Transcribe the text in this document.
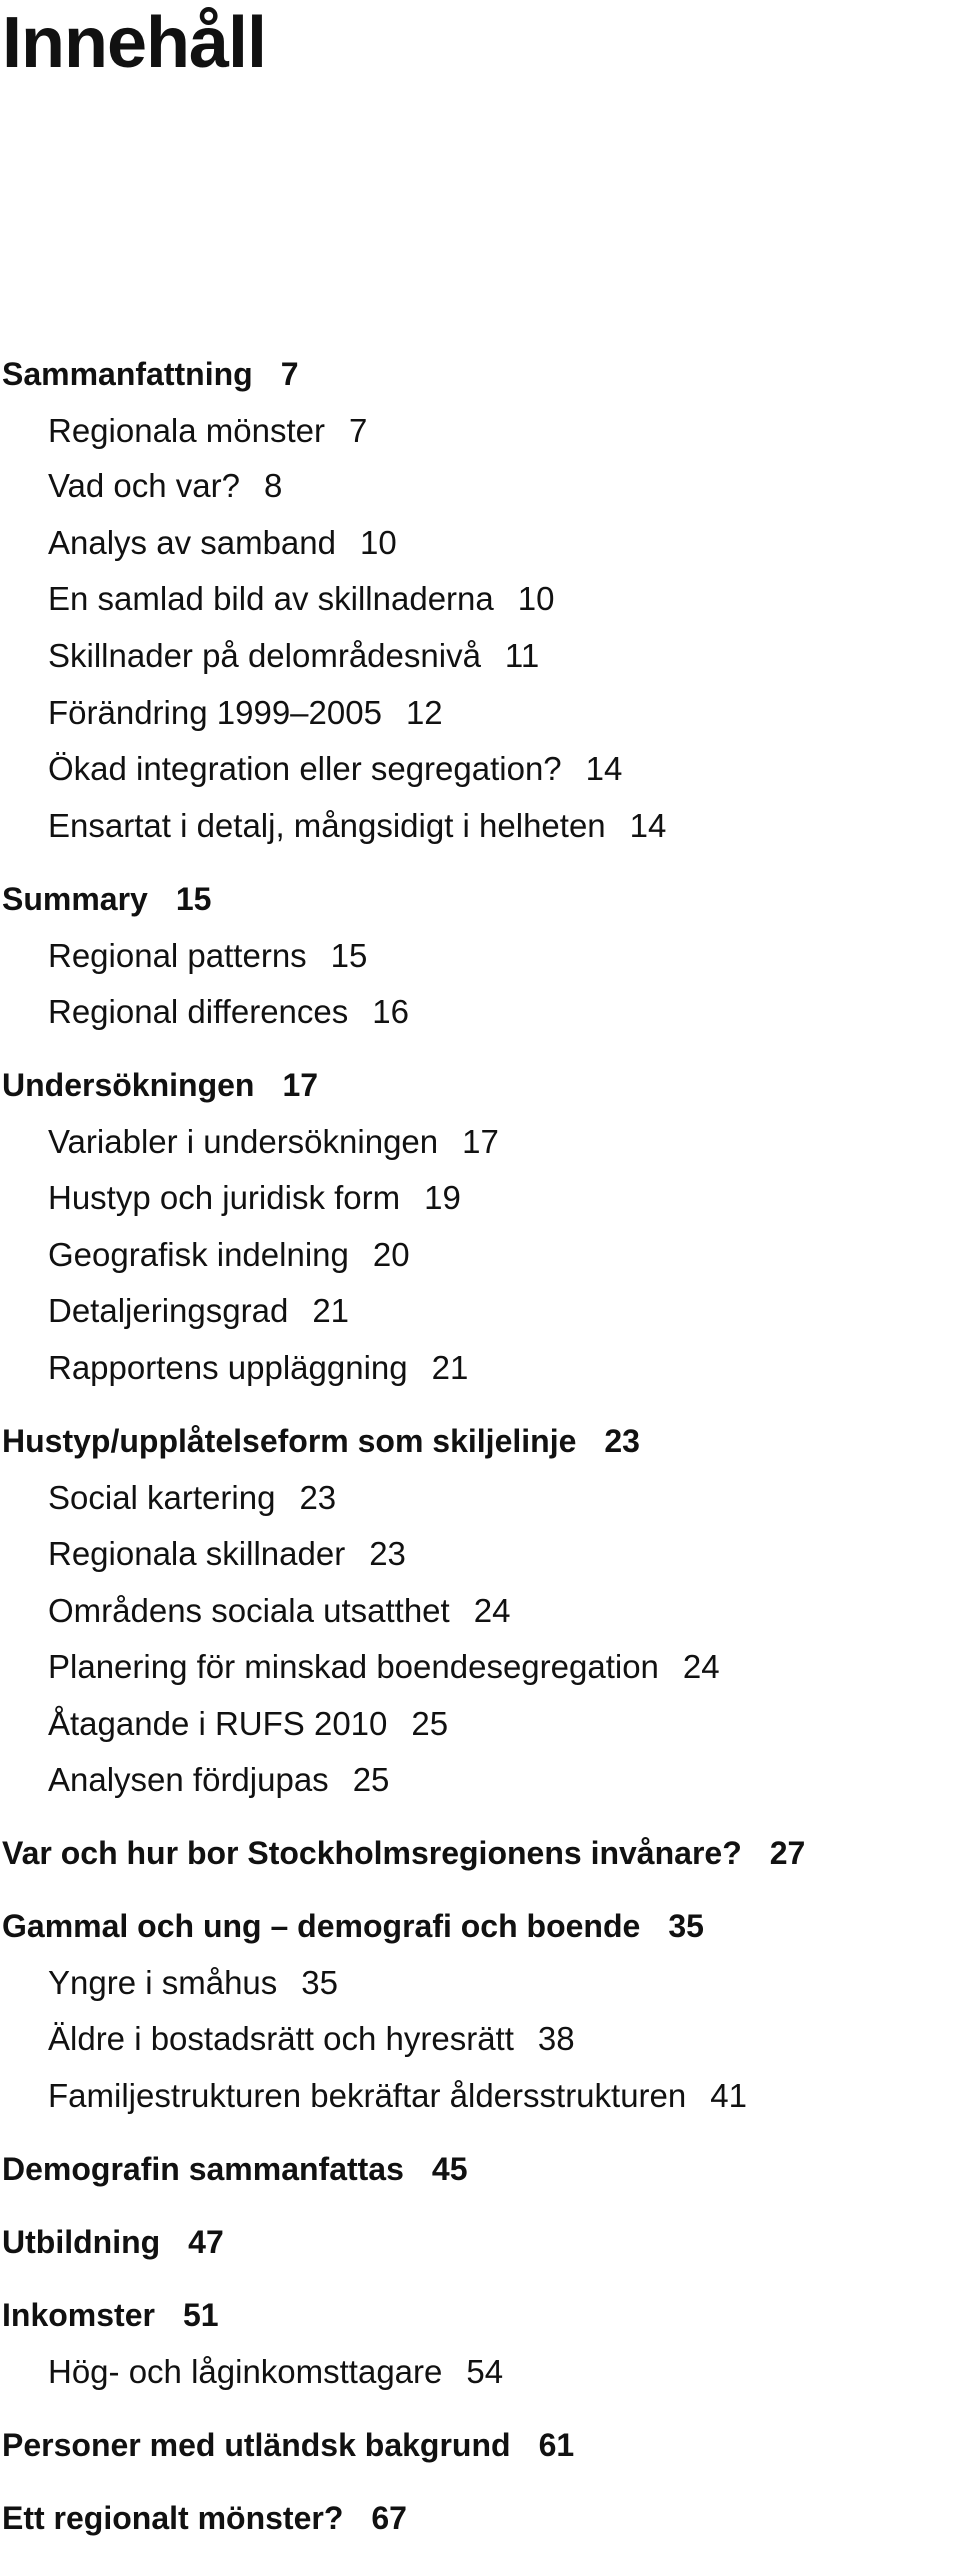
Innehåll
Sammanfattning 7
Regionala mönster 7
Vad och var? 8
Analys av samband 10
En samlad bild av skillnaderna 10
Skillnader på delområdesnivå 11
Förändring 1999–2005 12
Ökad integration eller segregation? 14
Ensartat i detalj, mångsidigt i helheten 14
Summary 15
Regional patterns 15
Regional differences 16
Undersökningen 17
Variabler i undersökningen 17
Hustyp och juridisk form 19
Geografisk indelning 20
Detaljeringsgrad 21
Rapportens uppläggning 21
Hustyp/upplåtelseform som skiljelinje 23
Social kartering 23
Regionala skillnader 23
Områdens sociala utsatthet 24
Planering för minskad boendesegregation 24
Åtagande i RUFS 2010 25
Analysen fördjupas 25
Var och hur bor Stockholmsregionens invånare? 27
Gammal och ung – demografi och boende 35
Yngre i småhus 35
Äldre i bostadsrätt och hyresrätt 38
Familjestrukturen bekräftar åldersstrukturen 41
Demografin sammanfattas 45
Utbildning 47
Inkomster 51
Hög- och låginkomsttagare 54
Personer med utländsk bakgrund 61
Ett regionalt mönster? 67
